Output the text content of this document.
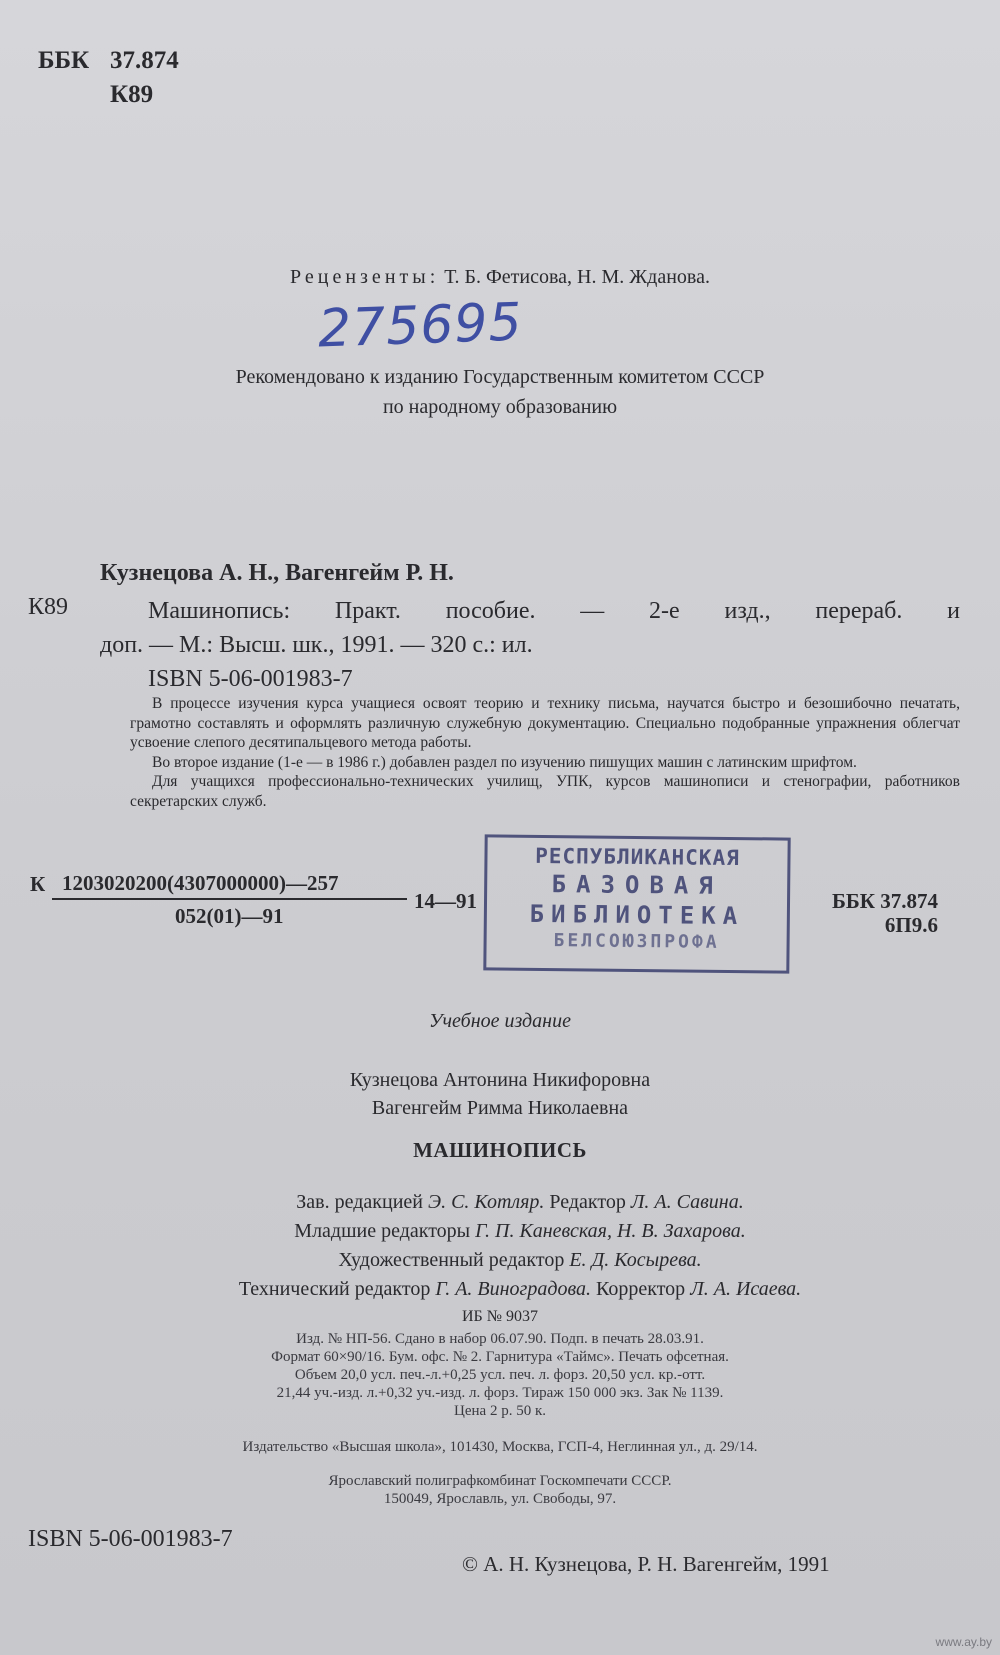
ББК 37.874
К89
Рецензенты: Т. Б. Фетисова, Н. М. Жданова.
275695
Рекомендовано к изданию Государственным комитетом СССР
по народному образованию
Кузнецова А. Н., Вагенгейм Р. Н.
К89	Машинопись: Практ. пособие. — 2-е изд., перераб. и

доп. — М.: Высш. шк., 1991. — 320 с.: ил.

ISBN 5-06-001983-7

В процессе изучения курса учащиеся освоят теорию и технику письма, научатся быстро и безошибочно печатать, грамотно составлять и оформлять различную служебную документацию. Специально подобранные упражнения облегчат усвоение слепого десятипальцевого метода работы.

Во второе издание (1-е — в 1986 г.) добавлен раздел по изучению пишущих машин с латинским шрифтом.

Для учащихся профессионально-технических училищ, УПК, курсов машинописи и стенографии, работников секретарских служб.

К 1203020200(4307000000)—257
052(01)—91
14—91	ББК 37.874
6П9.6
РЕСПУБЛИКАНСКАЯ
БАЗОВАЯ
БИБЛИОТЕКА
БЕЛСОЮЗПРОФА
Учебное издание
Кузнецова Антонина Никифоровна
Вагенгейм Римма Николаевна
МАШИНОПИСЬ

Зав. редакцией Э. С. Котляр. Редактор Л. А. Савина.

Младшие редакторы Г. П. Каневская, Н. В. Захарова.

Художественный редактор Е. Д. Косырева.

Технический редактор Г. А. Виноградова. Корректор Л. А. Исаева.

ИБ № 9037

Изд. № НП-56. Сдано в набор 06.07.90. Подп. в печать 28.03.91.

Формат 60×90/16. Бум. офс. № 2. Гарнитура «Таймс». Печать офсетная.

Объем 20,0 усл. печ.-л.+0,25 усл. печ. л. форз. 20,50 усл. кр.-отт.

21,44 уч.-изд. л.+0,32 уч.-изд. л. форз. Тираж 150 000 экз. Зак № 1139.

Цена 2 р. 50 к.

Издательство «Высшая школа», 101430, Москва, ГСП-4, Неглинная ул., д. 29/14.

Ярославский полиграфкомбинат Госкомпечати СССР.

150049, Ярославль, ул. Свободы, 97.

ISBN 5-06-001983-7
© А. Н. Кузнецова, Р. Н. Вагенгейм, 1991
www.ay.by
